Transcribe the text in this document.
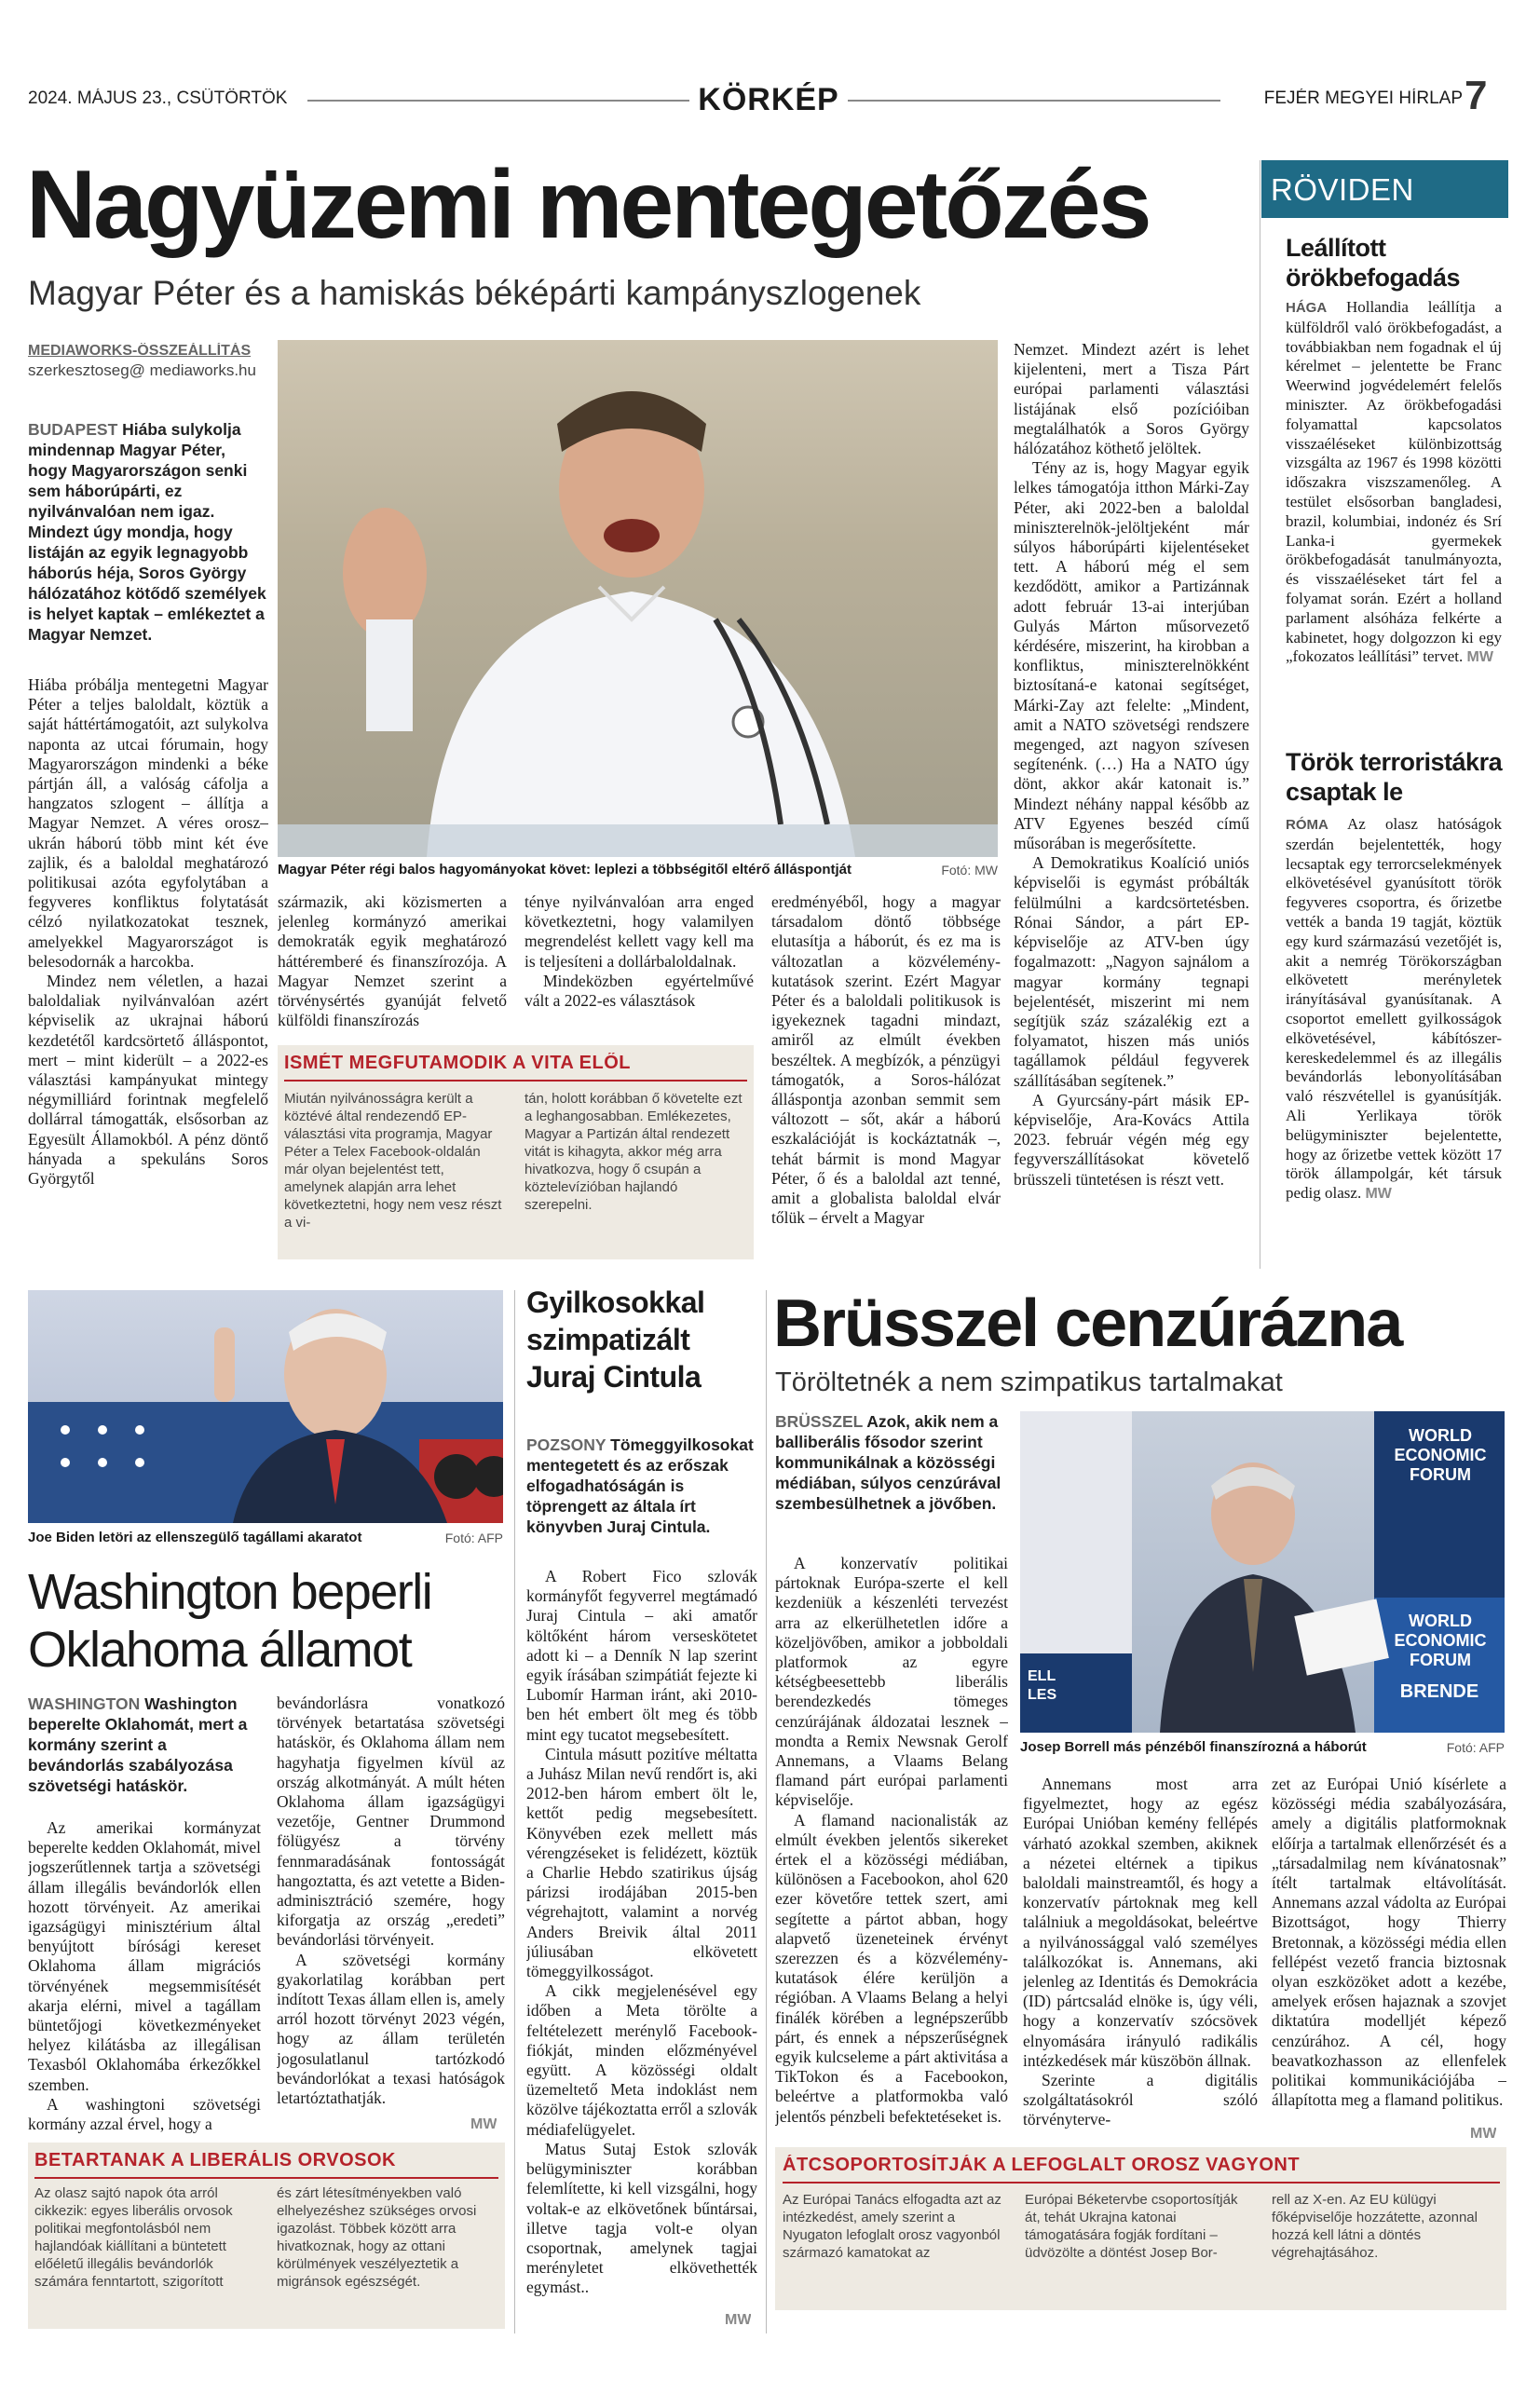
2024. MÁJUS 23., CSÜTÖRTÖK	KÖRKÉP	FEJÉR MEGYEI HÍRLAP 7
Nagyüzemi mentegetőzés
Magyar Péter és a hamiskás béképárti kampányszlogenek
MEDIAWORKS-ÖSSZEÁLLÍTÁS
szerkesztoseg@ mediaworks.hu
BUDAPEST Hiába sulykolja mindennap Magyar Péter, hogy Magyarországon senki sem háborúpárti, ez nyilvánvalóan nem igaz. Mindezt úgy mondja, hogy listáján az egyik legnagyobb háborús héja, Soros György hálózatához kötődő személyek is helyet kaptak – emlékeztet a Magyar Nemzet.

Hiába próbálja mentegetni Magyar Péter a teljes baloldalt, köztük a saját háttértámogatóit, azt sulykolva naponta az utcai fórumain, hogy Magyarországon mindenki a béke pártján áll, a valóság cáfolja a hangzatos szlogent – állítja a Magyar Nemzet. A véres orosz–ukrán háború több mint két éve zajlik, és a baloldal meghatározó politikusai azóta egyfolytában a fegyveres konfliktus folytatását célzó nyilatkozatokat tesznek, amelyekkel Magyarországot is belesodornák a harcokba.

Mindez nem véletlen, a hazai baloldaliak nyilvánvalóan azért képviselik az ukrajnai háború kezdetétől kardcsörtető álláspontot, mert – mint kiderült – a 2022-es választási kampányukat mintegy négymilliárd forintnak megfelelő dollárral támogatták, elsősorban az Egyesült Államokból. A pénz döntő hányada a spekuláns Soros Györgytől

Magyar Péter régi balos hagyományokat követ: leplezi a többségitől eltérő álláspontját	Fotó: MW
származik, aki közismerten a jelenleg kormányzó amerikai demokraták egyik meghatározó háttéremberé és finanszírozója. A Magyar Nemzet szerint a törvénysértés gyanúját felvető külföldi finanszírozás
ténye nyilvánvalóan arra enged következtetni, hogy valamilyen megrendelést kellett vagy kell ma is teljesíteni a dollárbaloldalnak.
Mindeközben egyértelművé vált a 2022-es választások
ISMÉT MEGFUTAMODIK A VITA ELŐL
Miután nyilvánosságra került a köztévé által rendezendő EP-választási vita programja, Magyar Péter a Telex Facebook-oldalán már olyan bejelentést tett, amelynek alapján arra lehet következtetni, hogy nem vesz részt a vi-
tán, holott korábban ő követelte ezt a leghangosabban. Emlékezetes, Magyar a Partizán által rendezett vitát is kihagyta, akkor még arra hivatkozva, hogy ő csupán a köztelevízióban hajlandó szerepelni.
eredményéből, hogy a magyar társadalom döntő többsége elutasítja a háborút, és ez ma is változatlan a közvélemény-kutatások szerint. Ezért Magyar Péter és a baloldali politikusok is igyekeznek tagadni mindazt, amiről az elmúlt években beszéltek. A megbízók, a pénzügyi támogatók, a Soros-hálózat álláspontja azonban semmit sem változott – sőt, akár a háború eszkalációját is kockáztatnák –, tehát bármit is mond Magyar Péter, ő és a baloldal azt tenné, amit a globalista baloldal elvár tőlük – érvelt a Magyar

Nemzet. Mindezt azért is lehet kijelenteni, mert a Tisza Párt európai parlamenti választási listájának első pozícióiban megtalálhatók a Soros György hálózatához köthető jelöltek.

Tény az is, hogy Magyar egyik lelkes támogatója itthon Márki-Zay Péter, aki 2022-ben a baloldal miniszterelnök-jelöltjeként már súlyos háborúpárti kijelentéseket tett. A háború még el sem kezdődött, amikor a Partizánnak adott február 13-ai interjúban Gulyás Márton műsorvezető kérdésére, miszerint, ha kirobban a konfliktus, miniszterelnökként biztosítaná-e katonai segítséget, Márki-Zay azt felelte: „Mindent, amit a NATO szövetségi rendszere megenged, azt nagyon szívesen segítenénk. (…) Ha a NATO úgy dönt, akkor akár katonait is.” Mindezt néhány nappal később az ATV Egyenes beszéd című műsorában is megerősítette.

A Demokratikus Koalíció uniós képviselői is egymást próbálták felülmúlni a kardcsörtetésben. Rónai Sándor, a párt EP-képviselője az ATV-ben úgy fogalmazott: „Nagyon sajnálom a magyar kormány tegnapi bejelentését, miszerint mi nem segítjük száz százalékig ezt a folyamatot, hiszen más uniós tagállamok például fegyverek szállításában segítenek.”

A Gyurcsány-párt másik EP-képviselője, Ara-Kovács Attila 2023. február végén még egy fegyverszállításokat követelő brüsszeli tüntetésen is részt vett.

RÖVIDEN
Leállított örökbefogadás
HÁGA Hollandia leállítja a külföldről való örökbefogadást, a továbbiakban nem fogadnak el új kérelmet – jelentette be Franc Weerwind jogvédelemért felelős miniszter. Az örökbefogadási folyamattal kapcsolatos visszaéléseket különbizottság vizsgálta az 1967 és 1998 közötti időszakra viszszamenőleg. A testület elsősorban bangladesi, brazil, kolumbiai, indonéz és Srí Lanka-i gyermekek örökbefogadását tanulmányozta, és visszaéléseket tárt fel a folyamat során. Ezért a holland parlament alsóháza felkérte a kabinetet, hogy dolgozzon ki egy „fokozatos leállítási” tervet. MW
Török terroristákra csaptak le
RÓMA Az olasz hatóságok szerdán bejelentették, hogy lecsaptak egy terrorcselekmények elkövetésével gyanúsított török fegyveres csoportra, és őrizetbe vették a banda 19 tagját, köztük egy kurd származású vezetőjét is, akit a nemrég Törökországban elkövetett merényletek irányításával gyanúsítanak. A csoportot emellett gyilkosságok elkövetésével, kábítószer-kereskedelemmel és az illegális bevándorlás lebonyolításában való részvétellel is gyanúsítják. Ali Yerlikaya török belügyminiszter bejelentette, hogy az őrizetbe vettek között 17 török állampolgár, két társuk pedig olasz. MW
Joe Biden letöri az ellenszegülő tagállami akaratot	Fotó: AFP
Washington beperli Oklahoma államot
WASHINGTON Washington beperelte Oklahomát, mert a kormány szerint a bevándorlás szabályozása szövetségi hatáskör.

Az amerikai kormányzat beperelte kedden Oklahomát, mivel jogszerűtlennek tartja a szövetségi állam illegális bevándorlók ellen hozott törvényeit. Az amerikai igazságügyi minisztérium által benyújtott bírósági kereset Oklahoma állam migrációs törvényének megsemmisítését akarja elérni, mivel a tagállam büntetőjogi következményeket helyez kilátásba az illegálisan Texasból Oklahomába érkezőkkel szemben.

A washingtoni szövetségi kormány azzal érvel, hogy a

bevándorlásra vonatkozó törvények betartatása szövetségi hatáskör, és Oklahoma állam nem hagyhatja figyelmen kívül az ország alkotmányát. A múlt héten Oklahoma állam igazságügyi vezetője, Gentner Drummond fölügyész a törvény fennmaradásának fontosságát hangoztatta, és azt vetette a Biden-adminisztráció szemére, hogy kiforgatja az ország „eredeti” bevándorlási törvényeit.

A szövetségi kormány gyakorlatilag korábban pert indított Texas állam ellen is, amely arról hozott törvényt 2023 végén, hogy az állam területén jogosulatlanul tartózkodó bevándorlókat a texasi hatóságok letartóztathatják.

MW
BETARTANAK A LIBERÁLIS ORVOSOK
Az olasz sajtó napok óta arról cikkezik: egyes liberális orvosok politikai megfontolásból nem hajlandóak kiállítani a büntetett előéletű illegális bevándorlók számára fenntartott, szigorított
és zárt létesítményekben való elhelyezéshez szükséges orvosi igazolást. Többek között arra hivatkoznak, hogy az ottani körülmények veszélyeztetik a migránsok egészségét.
Gyilkosokkal szimpatizált Juraj Cintula
POZSONY Tömeggyilkosokat mentegetett és az erőszak elfogadhatóságán is töprengett az általa írt könyvben Juraj Cintula.

A Robert Fico szlovák kormányfőt fegyverrel megtámadó Juraj Cintula – aki amatőr költőként három verseskötetet adott ki – a Denník N lap szerint egyik írásában szimpátiát fejezte ki Lubomír Harman iránt, aki 2010-ben hét embert ölt meg és több mint egy tucatot megsebesített.

Cintula másutt pozitíve méltatta a Juhász Milan nevű rendőrt is, aki 2012-ben három embert ölt le, kettőt pedig megsebesített. Könyvében ezek mellett más vérengzéseket is felidézett, köztük a Charlie Hebdo szatirikus újság párizsi irodájában 2015-ben végrehajtott, valamint a norvég Anders Breivik által 2011 júliusában elkövetett tömeggyilkosságot.

A cikk megjelenésével egy időben a Meta törölte a feltételezett merénylő Facebook-fiókját, minden előzményével együtt. A közösségi oldalt üzemeltető Meta indoklást nem közölve tájékoztatta erről a szlovák médiafelügyelet.

Matus Sutaj Estok szlovák belügyminiszter korábban felemlítette, ki kell vizsgálni, hogy voltak-e az elkövetőnek bűntársai, illetve tagja volt-e olyan csoportnak, amelynek tagjai merényletet elkövethették egymást..

MW
Brüsszel cenzúrázna
Töröltetnék a nem szimpatikus tartalmakat
BRÜSSZEL Azok, akik nem a balliberális fősodor szerint kommunikálnak a közösségi médiában, súlyos cenzúrával szembesülhetnek a jövőben.

A konzervatív politikai pártoknak Európa-szerte el kell kezdeniük a készenléti tervezést arra az elkerülhetetlen időre a közeljövőben, amikor a jobboldali platformok az egyre kétségbeesettebb liberális berendezkedés tömeges cenzúrájának áldozatai lesznek – mondta a Remix Newsnak Gerolf Annemans, a Vlaams Belang flamand párt európai parlamenti képviselője.

A flamand nacionalisták az elmúlt években jelentős sikereket értek el a közösségi médiában, különösen a Facebookon, ahol 620 ezer követőre tettek szert, ami segítette a pártot abban, hogy alapvető üzeneteinek érvényt szerezzen és a közvélemény-kutatások élére kerüljön a régióban. A Vlaams Belang a helyi finálék körében a legnépszerűbb párt, és ennek a népszerűségnek egyik kulcseleme a párt aktivitása a TikTokon és a Facebookon, beleértve a platformokba való jelentős pénzbeli befektetéseket is.

WORLD ECONOMIC FORUM
WORLD ECONOMIC FORUM
BRENDE
ELL LES
Josep Borrell más pénzéből finanszírozná a háborút	Fotó: AFP

Annemans most arra figyelmeztet, hogy az egész Európai Unióban kemény fellépés várható azokkal szemben, akiknek a nézetei eltérnek a tipikus baloldali mainstreamtől, és hogy a konzervatív pártoknak meg kell találniuk a megoldásokat, beleértve a nyilvánossággal való személyes találkozókat is. Annemans, aki jelenleg az Identitás és Demokrácia (ID) pártcsalád elnöke is, úgy véli, hogy a konzervatív szócsövek elnyomására irányuló radikális intézkedések már küszöbön állnak.

Szerinte a digitális szolgáltatásokról szóló törvényterve-

zet az Európai Unió kísérlete a közösségi média szabályozására, amely a digitális platformoknak előírja a tartalmak ellenőrzését és a „társadalmilag nem kívánatosnak” ítélt tartalmak eltávolítását. Annemans azzal vádolta az Európai Bizottságot, hogy Thierry Bretonnak, a közösségi média ellen fellépést vezető francia biztosnak olyan eszközöket adott a kezébe, amelyek erősen hajaznak a szovjet diktatúra modelljét képező cenzúrához. A cél, hogy beavatkozhasson az ellenfelek politikai kommunikációjába – állapította meg a flamand politikus.

MW
ÁTCSOPORTOSÍTJÁK A LEFOGLALT OROSZ VAGYONT
Az Európai Tanács elfogadta azt az intézkedést, amely szerint a Nyugaton lefoglalt orosz vagyonból származó kamatokat az
Európai Béketervbe csoportosítják át, tehát Ukrajna katonai támogatására fogják fordítani – üdvözölte a döntést Josep Bor-
rell az X-en. Az EU külügyi főképviselője hozzátette, azonnal hozzá kell látni a döntés végrehajtásához.
